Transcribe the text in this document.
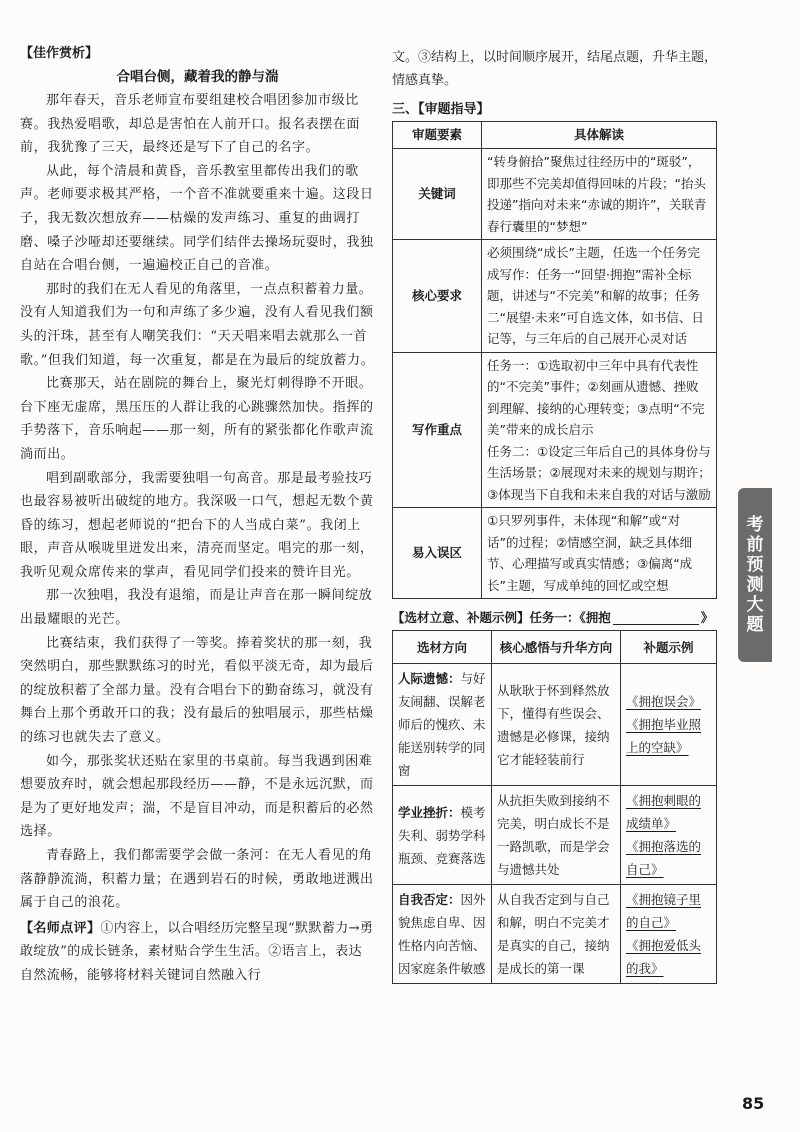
【佳作赏析】
合唱台侧，藏着我的静与湍

那年春天，音乐老师宣布要组建校合唱团参加市级比赛。我热爱唱歌，却总是害怕在人前开口。报名表摆在面前，我犹豫了三天，最终还是写下了自己的名字。

从此，每个清晨和黄昏，音乐教室里都传出我们的歌声。老师要求极其严格，一个音不准就要重来十遍。这段日子，我无数次想放弃——枯燥的发声练习、重复的曲调打磨、嗓子沙哑却还要继续。同学们结伴去操场玩耍时，我独自站在合唱台侧，一遍遍校正自己的音准。

那时的我们在无人看见的角落里，一点点积蓄着力量。没有人知道我们为一句和声练了多少遍，没有人看见我们额头的汗珠，甚至有人嘲笑我们：“天天唱来唱去就那么一首歌。”但我们知道，每一次重复，都是在为最后的绽放蓄力。

比赛那天，站在剧院的舞台上，聚光灯刺得睁不开眼。台下座无虚席，黑压压的人群让我的心跳骤然加快。指挥的手势落下，音乐响起——那一刻，所有的紧张都化作歌声流淌而出。

唱到副歌部分，我需要独唱一句高音。那是最考验技巧也最容易被听出破绽的地方。我深吸一口气，想起无数个黄昏的练习，想起老师说的“把台下的人当成白菜”。我闭上眼，声音从喉咙里迸发出来，清亮而坚定。唱完的那一刻，我听见观众席传来的掌声，看见同学们投来的赞许目光。

那一次独唱，我没有退缩，而是让声音在那一瞬间绽放出最耀眼的光芒。

比赛结束，我们获得了一等奖。捧着奖状的那一刻，我突然明白，那些默默练习的时光，看似平淡无奇，却为最后的绽放积蓄了全部力量。没有合唱台下的勤奋练习，就没有舞台上那个勇敢开口的我；没有最后的独唱展示，那些枯燥的练习也就失去了意义。

如今，那张奖状还贴在家里的书桌前。每当我遇到困难想要放弃时，就会想起那段经历——静，不是永远沉默，而是为了更好地发声；湍，不是盲目冲动，而是积蓄后的必然选择。

青春路上，我们都需要学会做一条河：在无人看见的角落静静流淌，积蓄力量；在遇到岩石的时候，勇敢地迸溅出属于自己的浪花。

【名师点评】①内容上，以合唱经历完整呈现“默默蓄力→勇敢绽放”的成长链条，素材贴合学生生活。②语言上，表达自然流畅，能够将材料关键词自然融入行

文。③结构上，以时间顺序展开，结尾点题，升华主题，情感真挚。

三、【审题指导】
审题要素	具体解读
关键词	“转身俯拾”聚焦过往经历中的“斑驳”，即那些不完美却值得回味的片段；“抬头投递”指向对未来“赤诚的期许”，关联青春行囊里的“梦想”
核心要求	必须围绕“成长”主题，任选一个任务完成写作：任务一“回望·拥抱”需补全标题，讲述与“不完美”和解的故事；任务二“展望·未来”可自选文体，如书信、日记等，与三年后的自己展开心灵对话
写作重点	任务一：①选取初中三年中具有代表性的“不完美”事件；②刻画从遗憾、挫败到理解、接纳的心理转变；③点明“不完美”带来的成长启示
任务二：①设定三年后自己的具体身份与生活场景；②展现对未来的规划与期许；③体现当下自我和未来自我的对话与激励
易入误区	①只罗列事件，未体现“和解”或“对话”的过程；②情感空洞，缺乏具体细节、心理描写或真实情感；③偏离“成长”主题，写成单纯的回忆或空想
【选材立意、补题示例】任务一：《拥抱	》
选材方向	核心感悟与升华方向	补题示例
人际遗憾：与好友闹翻、误解老师后的愧疚、未能送别转学的同窗	从耿耿于怀到释然放下，懂得有些误会、遗憾是必修课，接纳它才能轻装前行	《拥抱误会》
《拥抱毕业照上的空缺》

学业挫折：模考失利、弱势学科瓶颈、竞赛落选	从抗拒失败到接纳不完美，明白成长不是一路凯歌，而是学会与遗憾共处	《拥抱刺眼的成绩单》
《拥抱落选的自己》

自我否定：因外貌焦虑自卑、因性格内向苦恼、因家庭条件敏感	从自我否定到与自己和解，明白不完美才是真实的自己，接纳是成长的第一课	《拥抱镜子里的自己》
《拥抱爱低头的我》
考
前
预
测
大
题
85
